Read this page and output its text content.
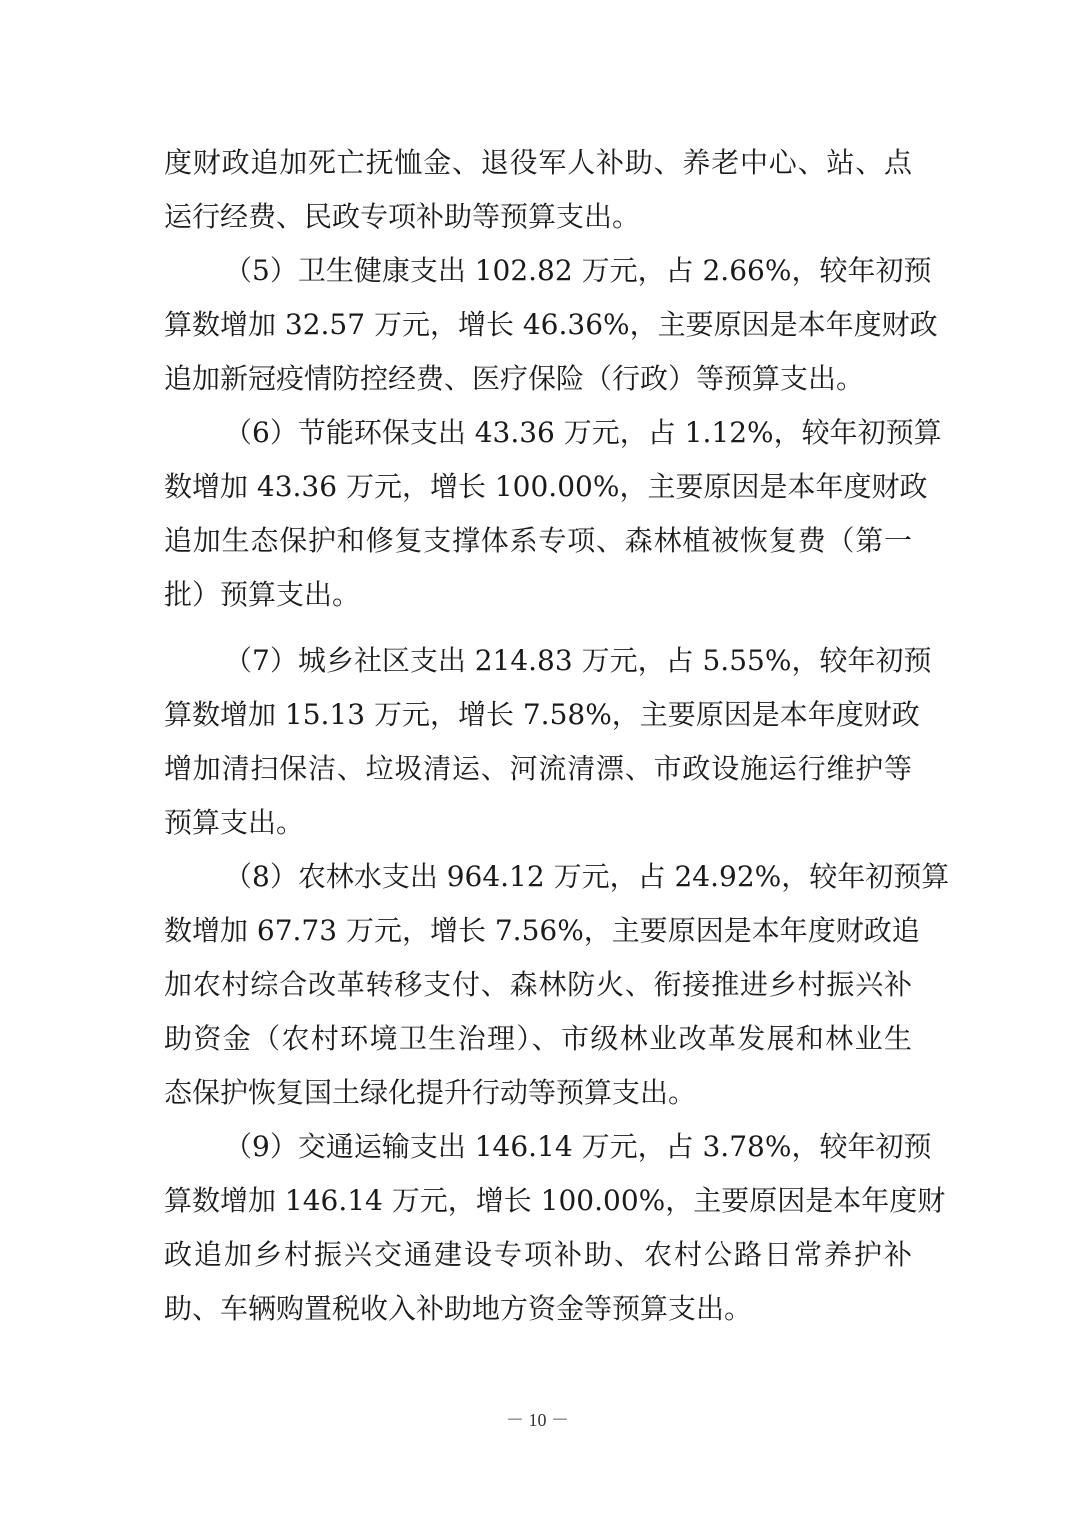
度财政追加死亡抚恤金、退役军人补助、养老中心、站、点

运行经费、民政专项补助等预算支出。

（5）卫生健康支出 102.82 万元，占 2.66%，较年初预

算数增加 32.57 万元，增长 46.36%，主要原因是本年度财政

追加新冠疫情防控经费、医疗保险（行政）等预算支出。

（6）节能环保支出 43.36 万元，占 1.12%，较年初预算

数增加 43.36 万元，增长 100.00%，主要原因是本年度财政

追加生态保护和修复支撑体系专项、森林植被恢复费（第一

批）预算支出。

（7）城乡社区支出 214.83 万元，占 5.55%，较年初预

算数增加 15.13 万元，增长 7.58%，主要原因是本年度财政

增加清扫保洁、垃圾清运、河流清漂、市政设施运行维护等

预算支出。

（8）农林水支出 964.12 万元，占 24.92%，较年初预算

数增加 67.73 万元，增长 7.56%，主要原因是本年度财政追

加农村综合改革转移支付、森林防火、衔接推进乡村振兴补

助资金（农村环境卫生治理）、市级林业改革发展和林业生

态保护恢复国土绿化提升行动等预算支出。

（9）交通运输支出 146.14 万元，占 3.78%，较年初预

算数增加 146.14 万元，增长 100.00%，主要原因是本年度财

政追加乡村振兴交通建设专项补助、农村公路日常养护补

助、车辆购置税收入补助地方资金等预算支出。

－ 10 －
